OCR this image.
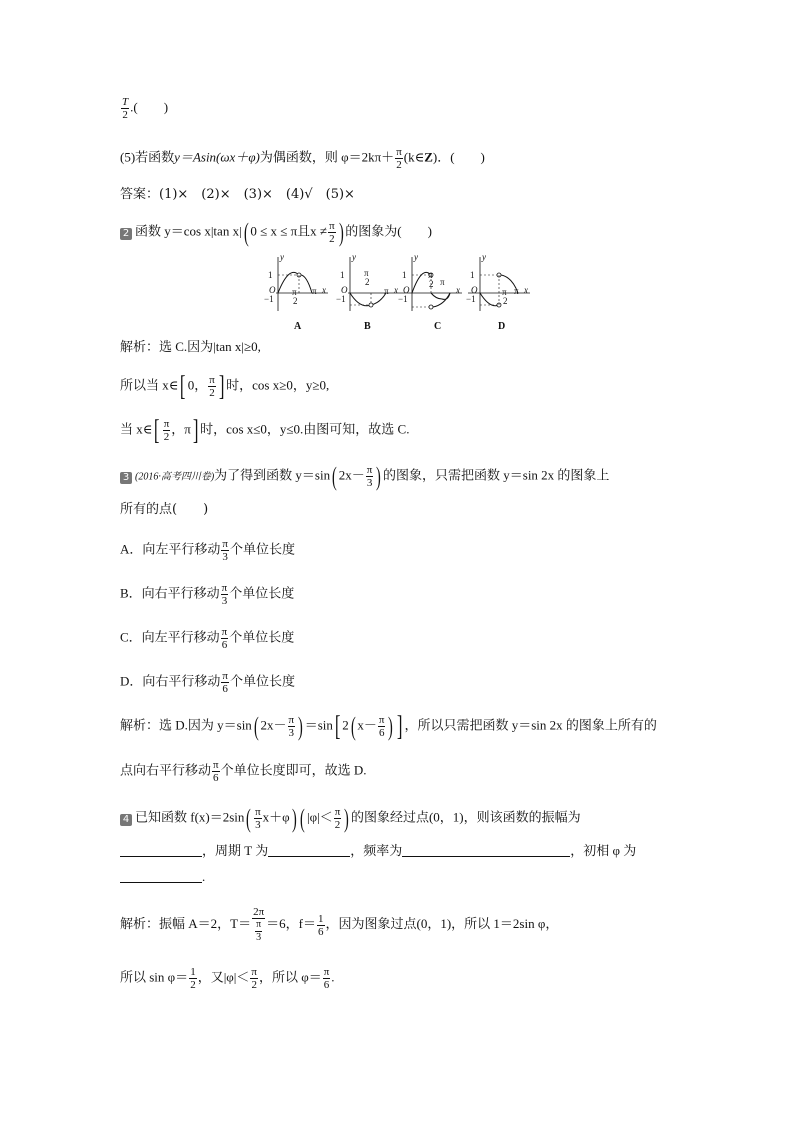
$\frac{T}{2}$ .(　　)
(5)若函数y＝Asin(ωx＋φ)为偶函数，则 $\varphi=2k\pi+ \frac{\pi}{2}$ (k∈Z)．(　　)
答案：(1)×　(2)×　(3)×　(4)√　(5)×
2 函数 y＝cos x|tan x|( 0 ≤ x ≤ π且$x \ne \frac{\pi}{2}$ ) 的图象为(　　)
y
1
O
−1
π
2
π x
A
y
1
O
−1
π
2
π x
B
y
1
O
−1
π
2 π
x
C
y
1
O
−1
π
2
π x
D
解析：选 C.因为|tan x|≥0,
所以当 x∈[ 0， $\frac{\pi}{2}$ ] 时，cos x≥0，y≥0,
当 x∈[ $\frac{\pi}{2}$ ，π] 时，cos x≤0，y≤0.由图可知，故选 C.
3 (2016·高考四川卷)为了得到函数 y＝sin( $2x- \frac{\pi}{3}$ ) 的图象，只需把函数 y＝sin 2x 的图象上
所有的点(　　)
A．向左平行移动 $\frac{\pi}{3}$ 个单位长度
B．向右平行移动 $\frac{\pi}{3}$ 个单位长度
C．向左平行移动 $\frac{\pi}{6}$ 个单位长度
D．向右平行移动 $\frac{\pi}{6}$ 个单位长度
解析：选 D.因为 y＝sin( $2x- \frac{\pi}{3}$ ) ＝sin[ 2( $x- \frac{\pi}{6}$ ) ] ，所以只需把函数 y＝sin 2x 的图象上所有的
点向右平行移动 $\frac{\pi}{6}$ 个单位长度即可，故选 D.
4 已知函数 $f(x)=2\sin( \frac{\pi}{3} x+\varphi)$ ( $|\varphi|< \frac{\pi}{2}$ ) 的图象经过点(0，1)，则该函数的振幅为
，周期 T 为	，频率为	，初相 φ 为
.
解析：振幅 A＝2，$T= \frac{2\pi}{\frac{\pi}{3}} =6$，$f= \frac{1}{6}$ ，因为图象过点(0，1)，所以 1＝2sin φ，
所以 $\sin \varphi= \frac{1}{2}$ ，又$|\varphi|< \frac{\pi}{2}$ ，所以 $\varphi= \frac{\pi}{6}$ .
